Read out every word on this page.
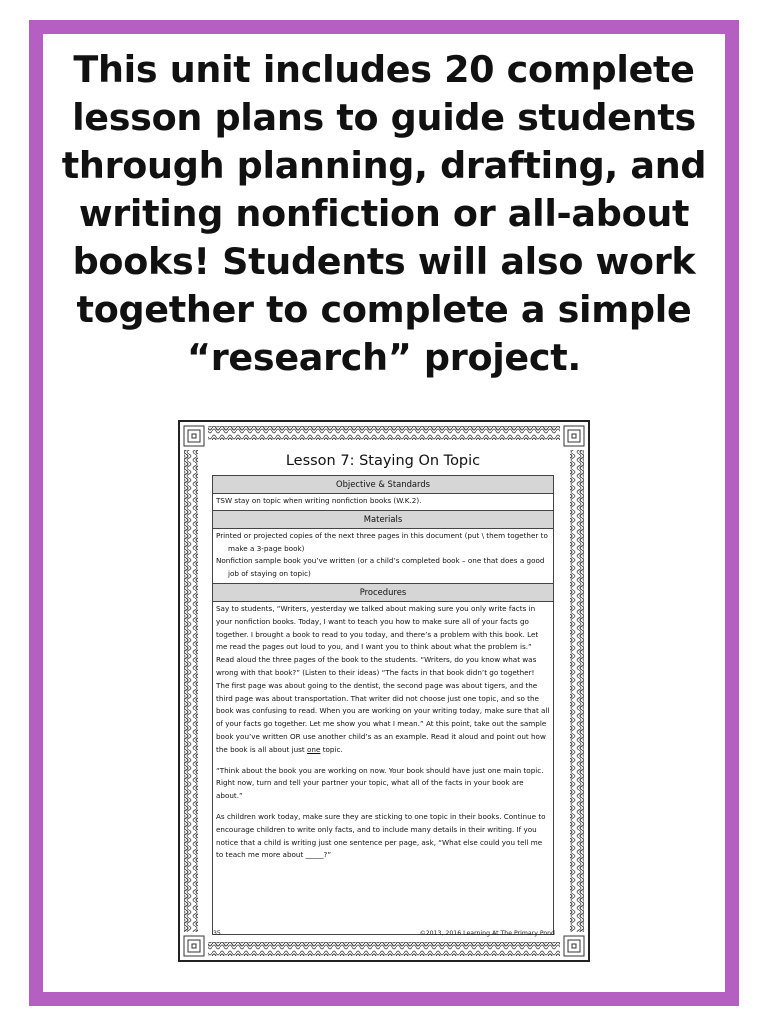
This unit includes 20 complete lesson plans to guide students through planning, drafting, and writing nonfiction or all-about books! Students will also work together to complete a simple “research” project.
Lesson 7: Staying On Topic
Objective & Standards
TSW stay on topic when writing nonfiction books (W.K.2).
Materials

Printed or projected copies of the next three pages in this document (put \ them together to make a 3-page book)

Nonfiction sample book you’ve written (or a child’s completed book – one that does a good job of staying on topic)

Procedures

Say to students, “Writers, yesterday we talked about making sure you only write facts in your nonfiction books. Today, I want to teach you how to make sure all of your facts go together. I brought a book to read to you today, and there’s a problem with this book. Let me read the pages out loud to you, and I want you to think about what the problem is.” Read aloud the three pages of the book to the students. “Writers, do you know what was wrong with that book?” (Listen to their ideas) “The facts in that book didn’t go together! The first page was about going to the dentist, the second page was about tigers, and the third page was about transportation. That writer did not choose just one topic, and so the book was confusing to read. When you are working on your writing today, make sure that all of your facts go together. Let me show you what I mean.” At this point, take out the sample book you’ve written OR use another child’s as an example. Read it aloud and point out how the book is all about just one topic.

“Think about the book you are working on now. Your book should have just one main topic. Right now, turn and tell your partner your topic, what all of the facts in your book are about.”

As children work today, make sure they are sticking to one topic in their books. Continue to encourage children to write only facts, and to include many details in their writing. If you notice that a child is writing just one sentence per page, ask, “What else could you tell me to teach me more about _____?”

35	©2013, 2016 Learning At The Primary Pond
